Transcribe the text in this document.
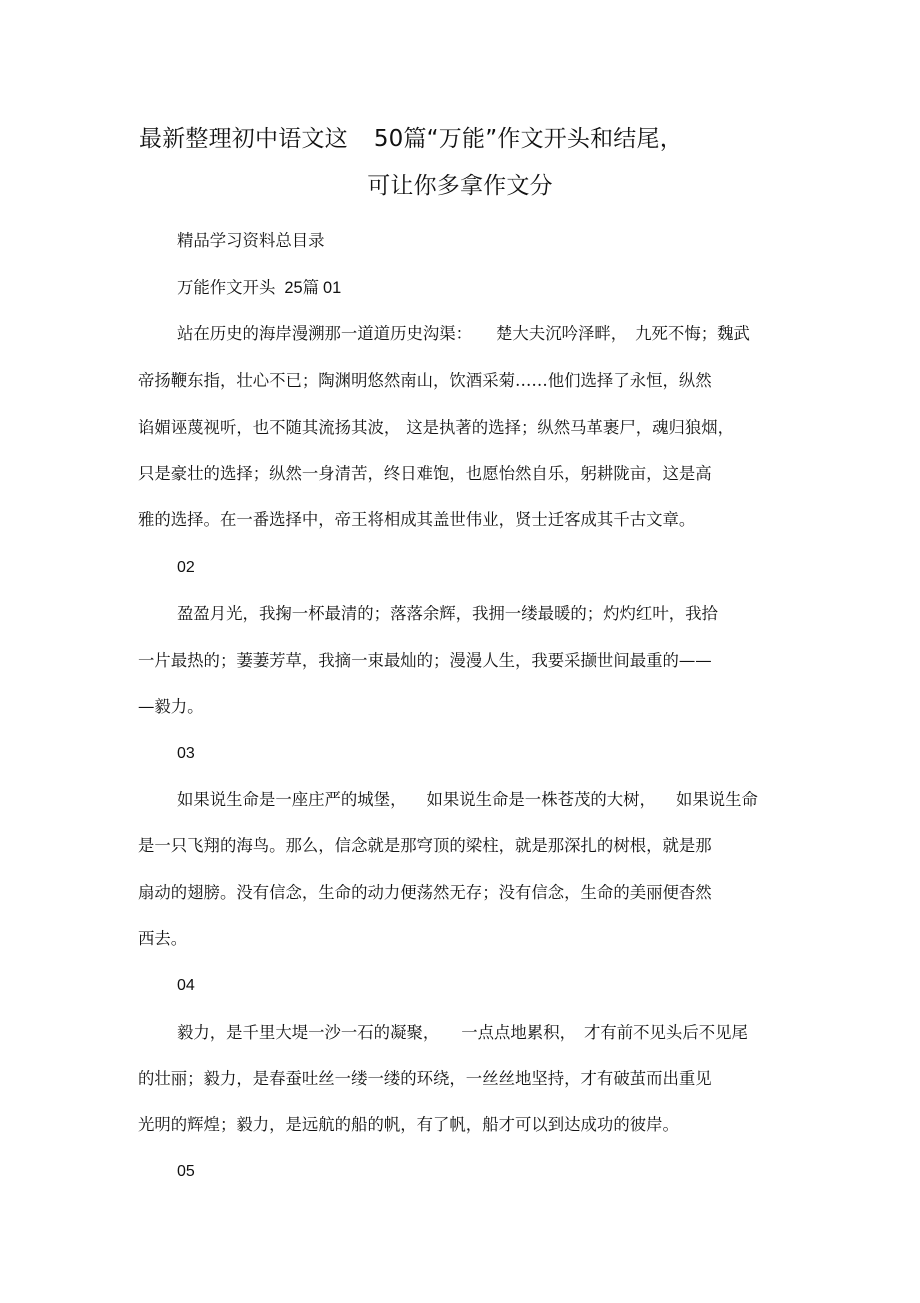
最新整理初中语文这 50篇“万能”作文开头和结尾，
可让你多拿作文分
精品学习资料总目录
万能作文开头 25篇 01
站在历史的海岸漫溯那一道道历史沟渠： 楚大夫沉吟泽畔， 九死不悔；魏武
帝扬鞭东指，壮心不已；陶渊明悠然南山，饮酒采菊……他们选择了永恒，纵然
谄媚诬蔑视听，也不随其流扬其波， 这是执著的选择；纵然马革裹尸，魂归狼烟，
只是豪壮的选择；纵然一身清苦，终日难饱，也愿怡然自乐，躬耕陇亩，这是高
雅的选择。在一番选择中，帝王将相成其盖世伟业，贤士迁客成其千古文章。
02
盈盈月光，我掬一杯最清的；落落余辉，我拥一缕最暖的；灼灼红叶，我拾
一片最热的；萋萋芳草，我摘一束最灿的；漫漫人生，我要采撷世间最重的——
—毅力。
03
如果说生命是一座庄严的城堡， 如果说生命是一株苍茂的大树， 如果说生命
是一只飞翔的海鸟。那么，信念就是那穹顶的梁柱，就是那深扎的树根，就是那
扇动的翅膀。没有信念，生命的动力便荡然无存；没有信念，生命的美丽便杳然
西去。
04
毅力，是千里大堤一沙一石的凝聚， 一点点地累积， 才有前不见头后不见尾
的壮丽；毅力，是春蚕吐丝一缕一缕的环绕，一丝丝地坚持，才有破茧而出重见
光明的辉煌；毅力，是远航的船的帆，有了帆，船才可以到达成功的彼岸。
05
